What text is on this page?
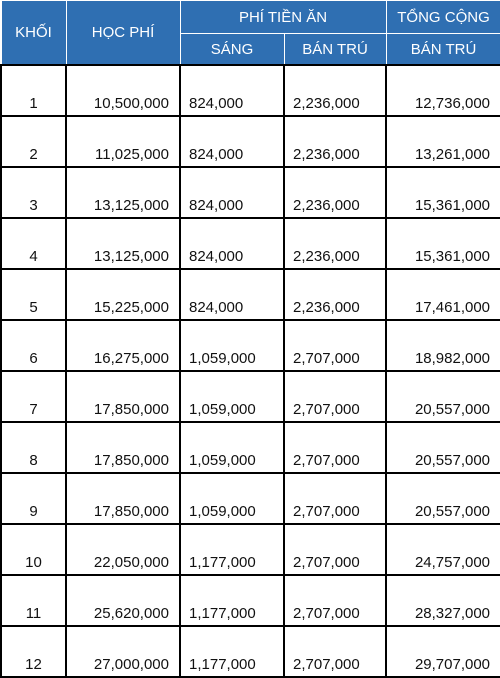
KHỐI	HỌC PHÍ	PHÍ TIỀN ĂN		TỔNG CỘNG
		SÁNG	BÁN TRÚ	BÁN TRÚ
1	10,500,000	824,000	2,236,000	12,736,000
2	11,025,000	824,000	2,236,000	13,261,000
3	13,125,000	824,000	2,236,000	15,361,000
4	13,125,000	824,000	2,236,000	15,361,000
5	15,225,000	824,000	2,236,000	17,461,000
6	16,275,000	1,059,000	2,707,000	18,982,000
7	17,850,000	1,059,000	2,707,000	20,557,000
8	17,850,000	1,059,000	2,707,000	20,557,000
9	17,850,000	1,059,000	2,707,000	20,557,000
10	22,050,000	1,177,000	2,707,000	24,757,000
11	25,620,000	1,177,000	2,707,000	28,327,000
12	27,000,000	1,177,000	2,707,000	29,707,000
